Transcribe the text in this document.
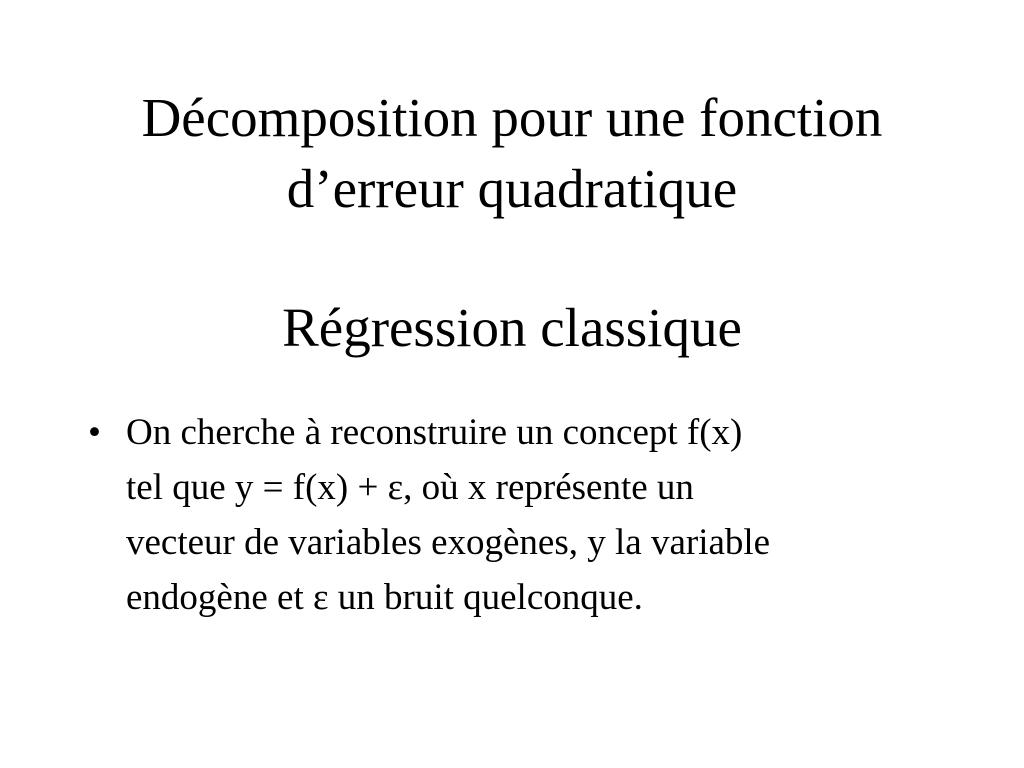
Décomposition pour une fonction
d’erreur quadratique
Régression classique
• On cherche à reconstruire un concept f(x)
tel que y = f(x) + ε, où x représente un
vecteur de variables exogènes, y la variable
endogène et ε un bruit quelconque.
